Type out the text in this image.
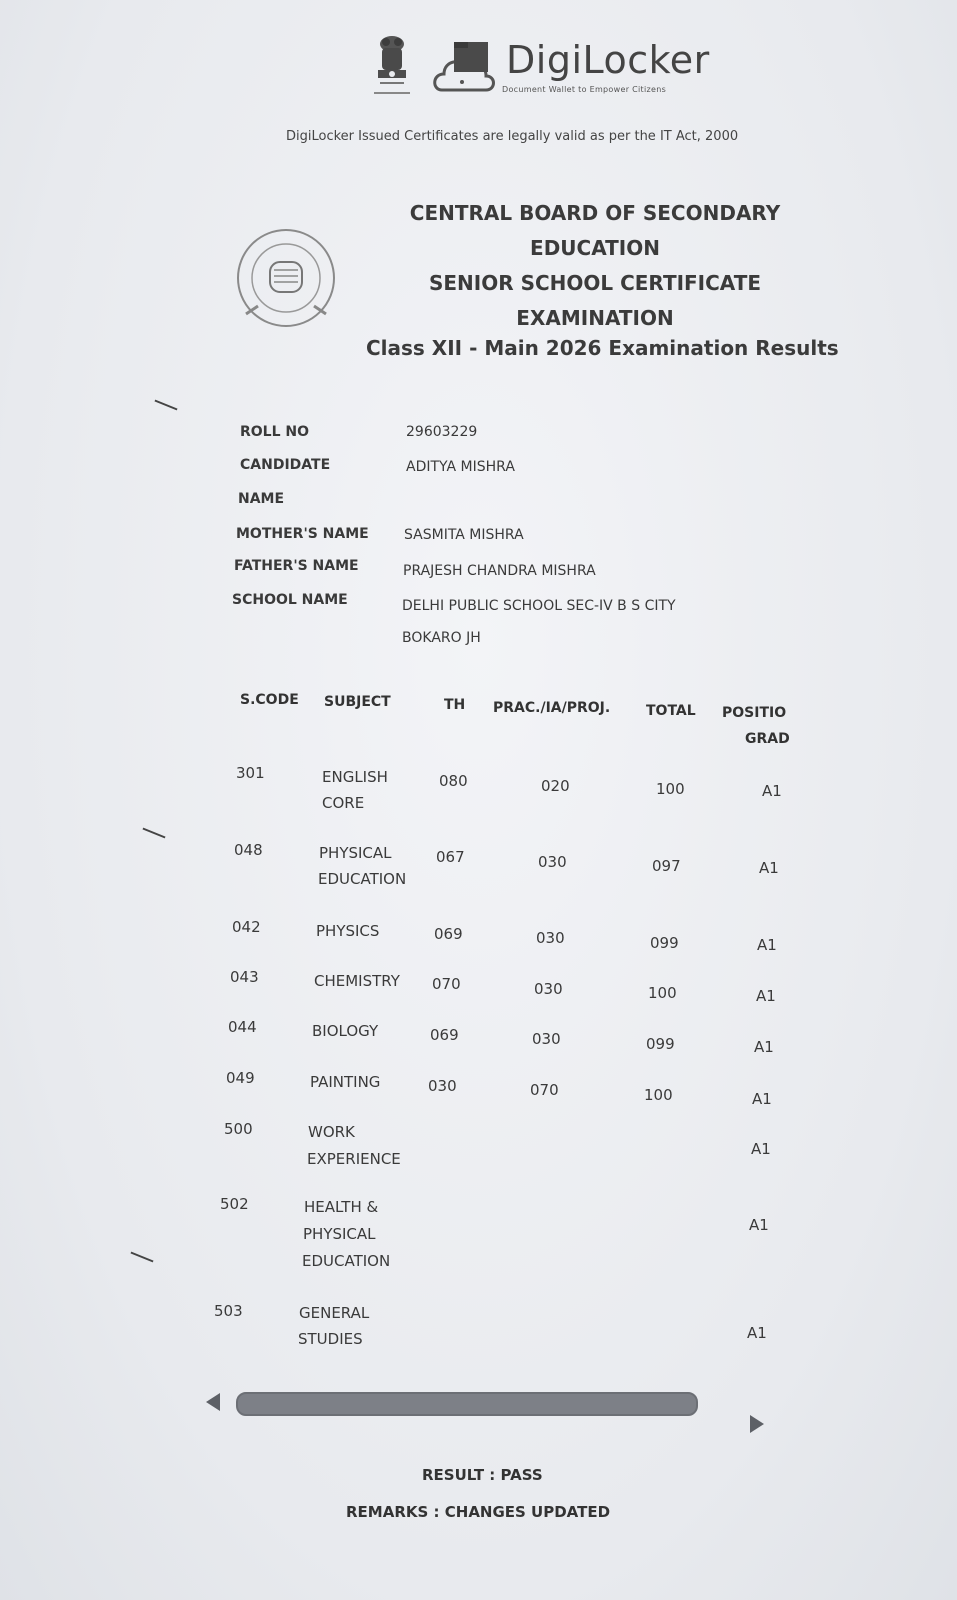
DigiLocker
Document Wallet to Empower Citizens
DigiLocker Issued Certificates are legally valid as per the IT Act, 2000
CENTRAL BOARD OF SECONDARY
EDUCATION
SENIOR SCHOOL CERTIFICATE
EXAMINATION
Class XII - Main 2026 Examination Results
ROLL NO	29603229
CANDIDATE
NAME
ADITYA MISHRA
MOTHER'S NAME	SASMITA MISHRA
FATHER'S NAME	PRAJESH CHANDRA MISHRA
SCHOOL NAME	DELHI PUBLIC SCHOOL SEC-IV B S CITY
BOKARO JH
S.CODE SUBJECT	TH PRAC./IA/PROJ.	TOTAL POSITIO
GRAD
301	ENGLISH
CORE
080	020	100	A1
048	PHYSICAL
EDUCATION
067	030	097	A1
042	PHYSICS	069	030	099	A1
043	CHEMISTRY 070	030	100	A1
044	BIOLOGY	069	030	099	A1
049	PAINTING	030	070	100	A1
500	WORK
EXPERIENCE
A1
502	HEALTH &
PHYSICAL
EDUCATION
A1
503	GENERAL
STUDIES	A1
RESULT : PASS
REMARKS : CHANGES UPDATED
